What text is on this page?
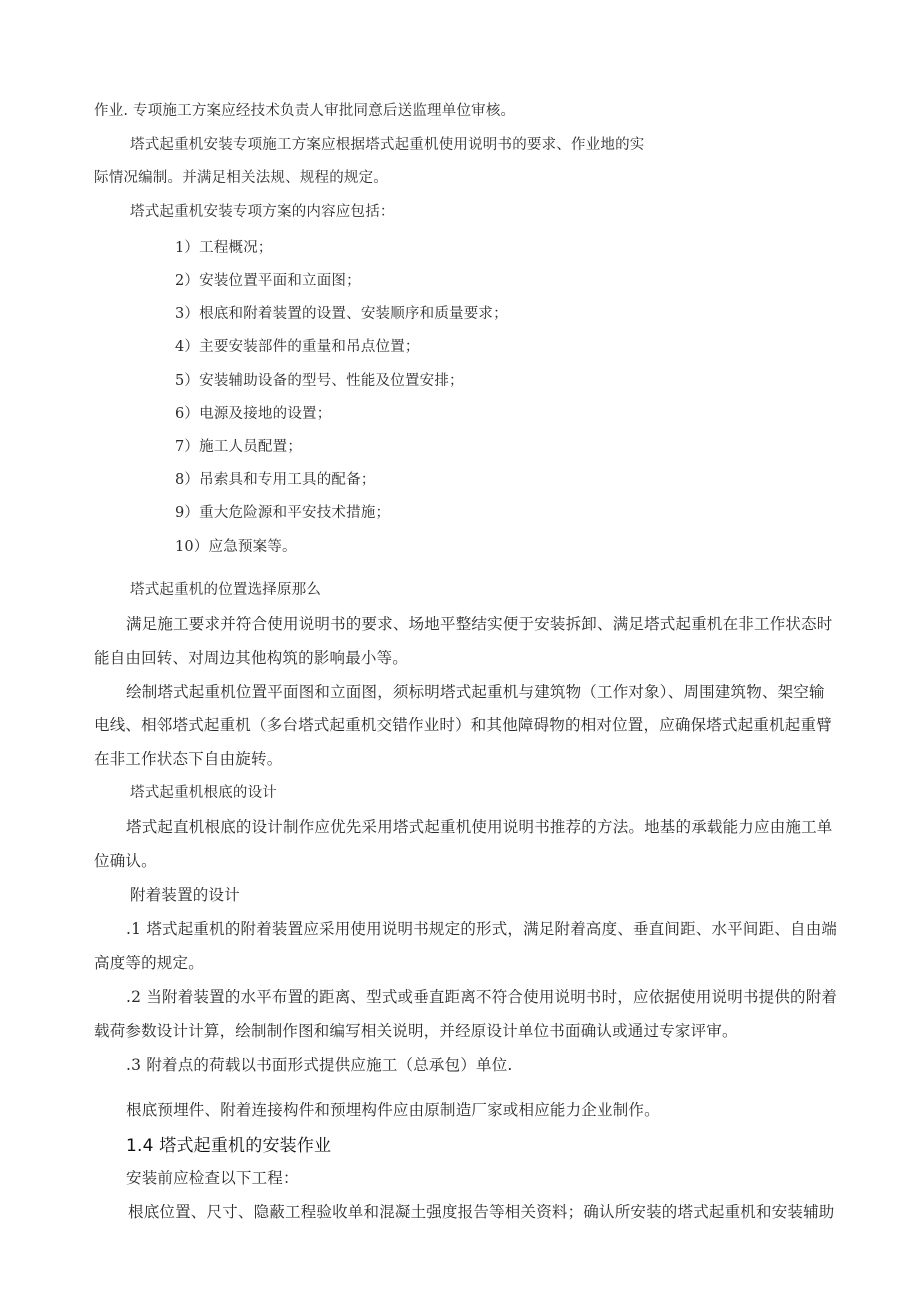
作业. 专项施工方案应经技术负责人审批同意后送监理单位审核。
塔式起重机安装专项施工方案应根据塔式起重机使用说明书的要求、作业地的实
际情况编制。并满足相关法规、规程的规定。
塔式起重机安装专项方案的内容应包括：
1）工程概况；
2）安装位置平面和立面图；
3）根底和附着装置的设置、安装顺序和质量要求；
4）主要安装部件的重量和吊点位置；
5）安装辅助设备的型号、性能及位置安排；
6）电源及接地的设置；
7）施工人员配置；
8）吊索具和专用工具的配备；
9）重大危险源和平安技术措施；
10）应急预案等。
塔式起重机的位置选择原那么
满足施工要求并符合使用说明书的要求、场地平整结实便于安装拆卸、满足塔式起重机在非工作状态时
能自由回转、对周边其他构筑的影响最小等。
绘制塔式起重机位置平面图和立面图，须标明塔式起重机与建筑物（工作对象）、周围建筑物、架空输
电线、相邻塔式起重机（多台塔式起重机交错作业时）和其他障碍物的相对位置，应确保塔式起重机起重臂
在非工作状态下自由旋转。
塔式起重机根底的设计
塔式起直机根底的设计制作应优先采用塔式起重机使用说明书推荐的方法。地基的承载能力应由施工单
位确认。
附着装置的设计
.1 塔式起重机的附着装置应采用使用说明书规定的形式，满足附着高度、垂直间距、水平间距、自由端
高度等的规定。
.2 当附着装置的水平布置的距离、型式或垂直距离不符合使用说明书时，应依据使用说明书提供的附着
载荷参数设计计算，绘制制作图和编写相关说明，并经原设计单位书面确认或通过专家评审。
.3 附着点的荷载以书面形式提供应施工（总承包）单位.
根底预埋件、附着连接构件和预埋构件应由原制造厂家或相应能力企业制作。
1.4 塔式起重机的安装作业
安装前应检查以下工程：
根底位置、尺寸、隐蔽工程验收单和混凝土强度报告等相关资料；确认所安装的塔式起重机和安装辅助
